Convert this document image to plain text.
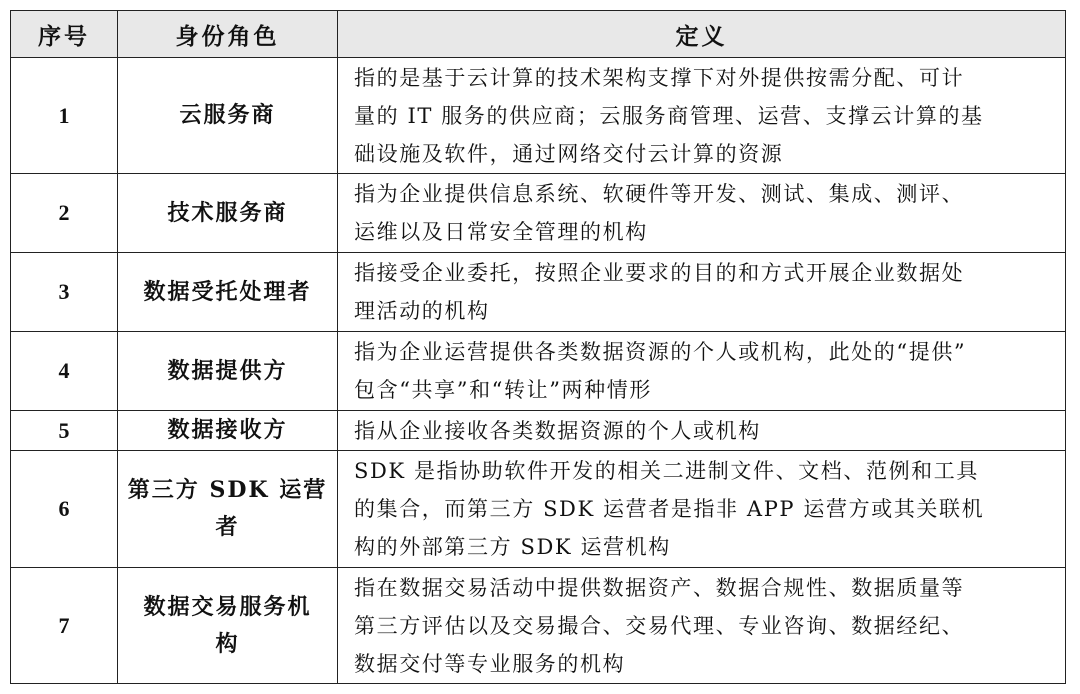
序号	身份角色	定义
1	云服务商	指的是基于云计算的技术架构支撑下对外提供按需分配、可计
量的 IT 服务的供应商；云服务商管理、运营、支撑云计算的基
础设施及软件，通过网络交付云计算的资源

2	技术服务商	指为企业提供信息系统、软硬件等开发、测试、集成、测评、
运维以及日常安全管理的机构

3	数据受托处理者	指接受企业委托，按照企业要求的目的和方式开展企业数据处
理活动的机构

4	数据提供方	指为企业运营提供各类数据资源的个人或机构，此处的“提供”
包含“共享”和“转让”两种情形

5	数据接收方	指从企业接收各类数据资源的个人或机构

6	第三方 SDK 运营
者	SDK 是指协助软件开发的相关二进制文件、文档、范例和工具
的集合，而第三方 SDK 运营者是指非 APP 运营方或其关联机
构的外部第三方 SDK 运营机构

7	数据交易服务机
构	指在数据交易活动中提供数据资产、数据合规性、数据质量等
第三方评估以及交易撮合、交易代理、专业咨询、数据经纪、
数据交付等专业服务的机构
